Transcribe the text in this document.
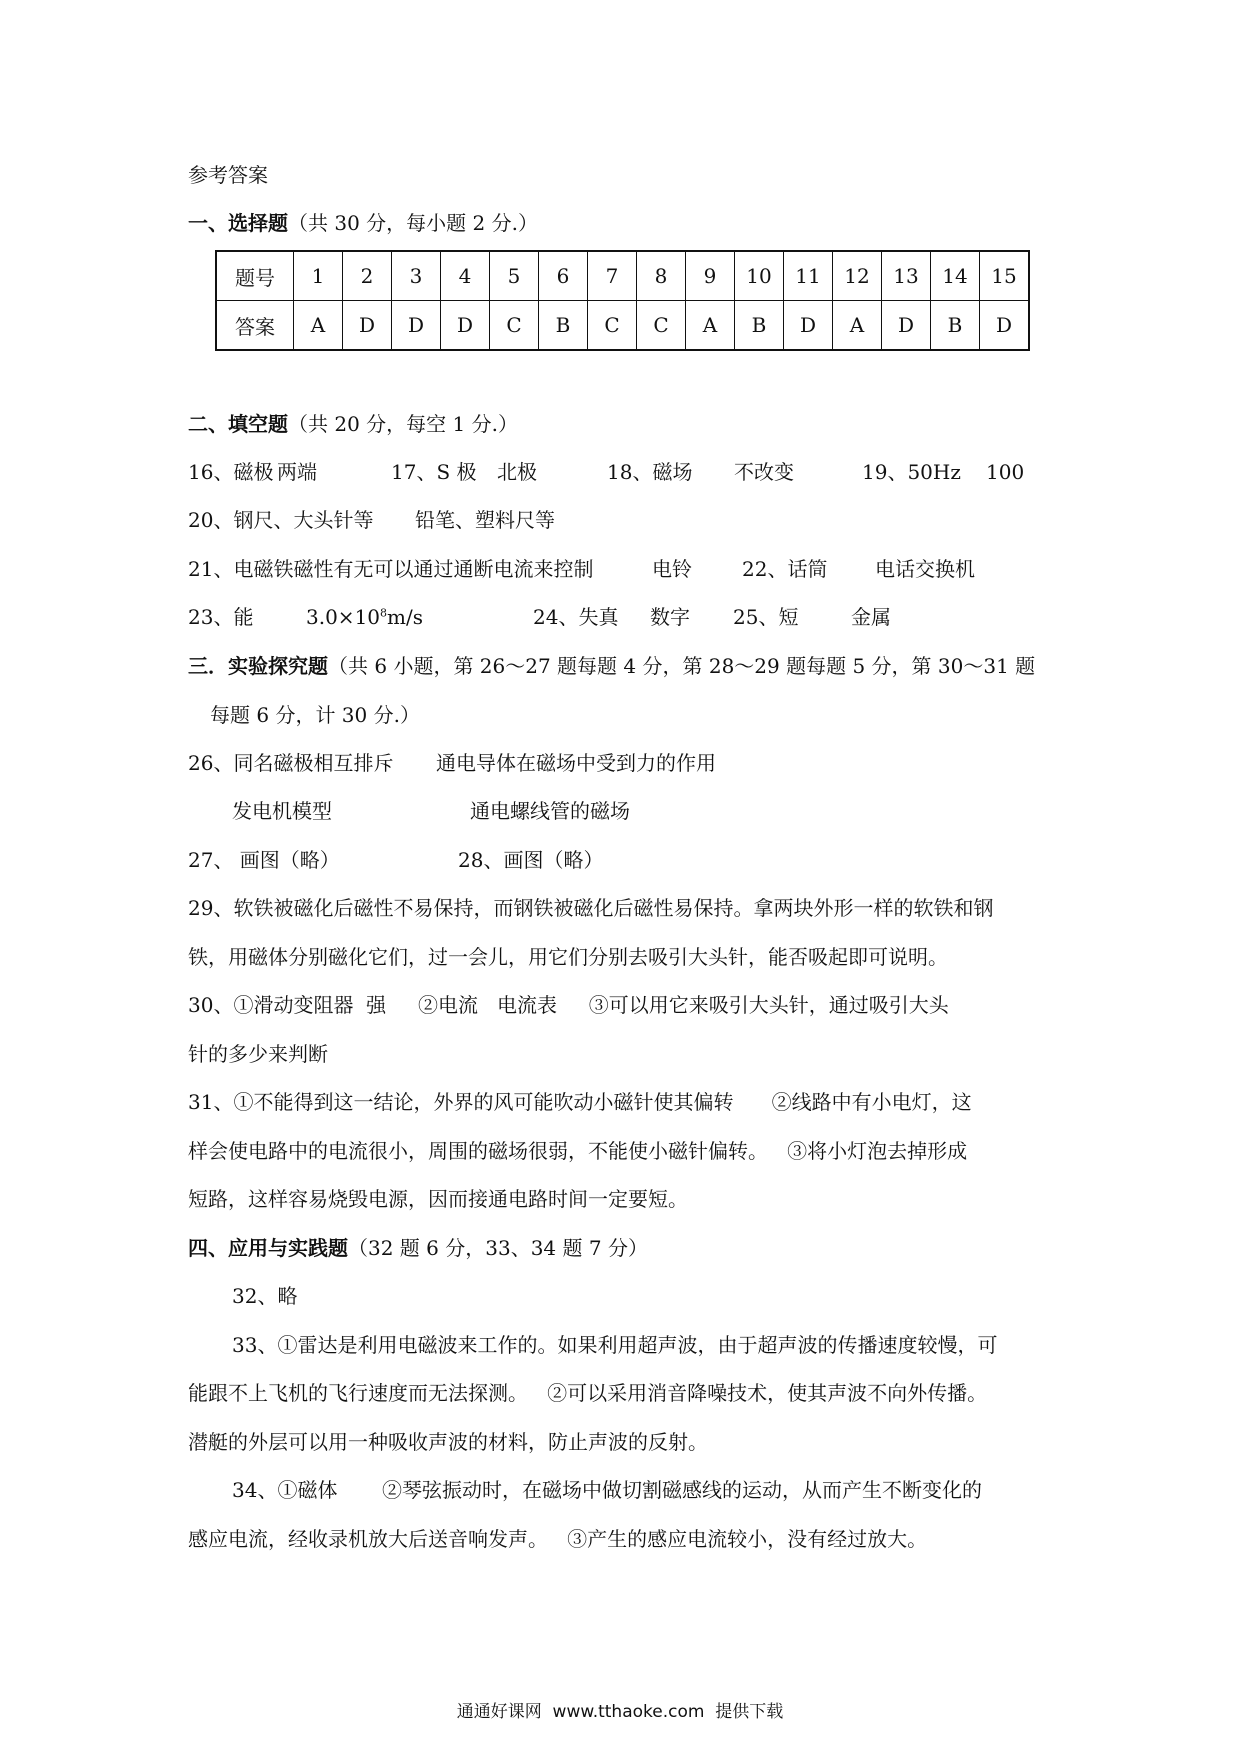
参考答案
一、选择题（共 30 分，每小题 2 分.）
题号	1	2	3	4	5	6	7	8	9	10	11	12	13	14	15
答案	A	D	D	D	C	B	C	C	A	B	D	A	D	B	D
二、填空题（共 20 分，每空 1 分.）
16、磁极 两端	17、S 极 北极	18、磁场 不改变	19、50Hz 100
20、钢尺、大头针等 铅笔、塑料尺等
21、电磁铁磁性有无可以通过通断电流来控制	电铃	22、话筒 电话交换机
23、能	$3.0\times 10^8m/s$	24、失真 数字 25、短	金属
三．实验探究题（共 6 小题，第 26～27 题每题 4 分，第 28～29 题每题 5 分，第 30～31 题
每题 6 分，计 30 分.）
26、同名磁极相互排斥 通电导体在磁场中受到力的作用
发电机模型	通电螺线管的磁场
27、 画图（略）	28、画图（略）
29、软铁被磁化后磁性不易保持，而钢铁被磁化后磁性易保持。拿两块外形一样的软铁和钢
铁，用磁体分别磁化它们，过一会儿，用它们分别去吸引大头针，能否吸起即可说明。
30、①滑动变阻器  强     ②电流   电流表     ③可以用它来吸引大头针，通过吸引大头
针的多少来判断
31、①不能得到这一结论，外界的风可能吹动小磁针使其偏转      ②线路中有小电灯，这
样会使电路中的电流很小，周围的磁场很弱，不能使小磁针偏转。   ③将小灯泡去掉形成
短路，这样容易烧毁电源，因而接通电路时间一定要短。
四、应用与实践题（32 题 6 分，33、34 题 7 分）
32、略
33、①雷达是利用电磁波来工作的。如果利用超声波，由于超声波的传播速度较慢，可
能跟不上飞机的飞行速度而无法探测。   ②可以采用消音降噪技术，使其声波不向外传播。
潜艇的外层可以用一种吸收声波的材料，防止声波的反射。
34、①磁体       ②琴弦振动时，在磁场中做切割磁感线的运动，从而产生不断变化的
感应电流，经收录机放大后送音响发声。   ③产生的感应电流较小，没有经过放大。
通通好课网  www.tthaoke.com  提供下载
